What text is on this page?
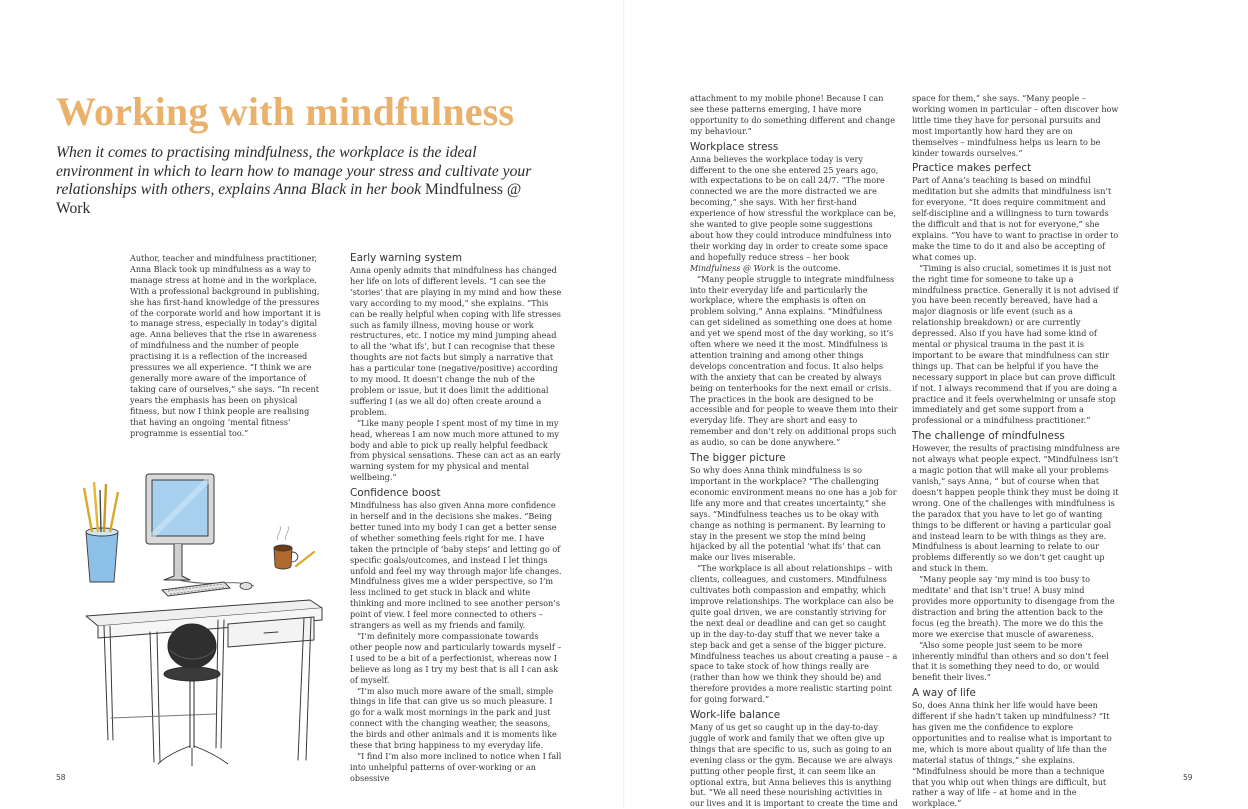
Working with mindfulness

When it comes to practising mindfulness, the workplace is the ideal environment in which to learn how to manage your stress and cultivate your relationships with others, explains Anna Black in her book Mindfulness @ Work

Author, teacher and mindfulness practitioner, Anna Black took up mindfulness as a way to manage stress at home and in the workplace. With a professional background in publishing, she has first-hand knowledge of the pressures of the corporate world and how important it is to manage stress, especially in today’s digital age. Anna believes that the rise in awareness of mindfulness and the number of people practising it is a reflection of the increased pressures we all experience. “I think we are generally more aware of the importance of taking care of ourselves,” she says. “In recent years the emphasis has been on physical fitness, but now I think people are realising that having an ongoing ‘mental fitness’ programme is essential too.”

Early warning system

Anna openly admits that mindfulness has changed her life on lots of different levels. “I can see the ‘stories’ that are playing in my mind and how these vary according to my mood,” she explains. “This can be really helpful when coping with life stresses such as family illness, moving house or work restructures, etc. I notice my mind jumping ahead to all the ‘what ifs’, but I can recognise that these thoughts are not facts but simply a narrative that has a particular tone (negative/positive) according to my mood. It doesn’t change the nub of the problem or issue, but it does limit the additional suffering I (as we all do) often create around a problem.

“Like many people I spent most of my time in my head, whereas I am now much more attuned to my body and able to pick up really helpful feedback from physical sensations. These can act as an early warning system for my physical and mental wellbeing.”

Confidence boost

Mindfulness has also given Anna more confidence in herself and in the decisions she makes. “Being better tuned into my body I can get a better sense of whether something feels right for me. I have taken the principle of ‘baby steps’ and letting go of specific goals/outcomes, and instead I let things unfold and feel my way through major life changes. Mindfulness gives me a wider perspective, so I’m less inclined to get stuck in black and white thinking and more inclined to see another person’s point of view. I feel more connected to others – strangers as well as my friends and family.

“I’m definitely more compassionate towards other people now and particularly towards myself – I used to be a bit of a perfectionist, whereas now I believe as long as I try my best that is all I can ask of myself.

“I’m also much more aware of the small, simple things in life that can give us so much pleasure. I go for a walk most mornings in the park and just connect with the changing weather, the seasons, the birds and other animals and it is moments like these that bring happiness to my everyday life.

“I find I’m also more inclined to notice when I fall into unhelpful patterns of over-working or an obsessive

attachment to my mobile phone! Because I can see these patterns emerging, I have more opportunity to do something different and change my behaviour.”

Workplace stress

Anna believes the workplace today is very different to the one she entered 25 years ago, with expectations to be on call 24/7. “The more connected we are the more distracted we are becoming,” she says. With her first-hand experience of how stressful the workplace can be, she wanted to give people some suggestions about how they could introduce mindfulness into their working day in order to create some space and hopefully reduce stress – her book Mindfulness @ Work is the outcome.

“Many people struggle to integrate mindfulness into their everyday life and particularly the workplace, where the emphasis is often on problem solving,” Anna explains. “Mindfulness can get sidelined as something one does at home and yet we spend most of the day working, so it’s often where we need it the most. Mindfulness is attention training and among other things develops concentration and focus. It also helps with the anxiety that can be created by always being on tenterhooks for the next email or crisis. The practices in the book are designed to be accessible and for people to weave them into their everyday life. They are short and easy to remember and don’t rely on additional props such as audio, so can be done anywhere.”

The bigger picture

So why does Anna think mindfulness is so important in the workplace? “The challenging economic environment means no one has a job for life any more and that creates uncertainty,” she says. “Mindfulness teaches us to be okay with change as nothing is permanent. By learning to stay in the present we stop the mind being hijacked by all the potential ‘what ifs’ that can make our lives miserable.

“The workplace is all about relationships – with clients, colleagues, and customers. Mindfulness cultivates both compassion and empathy, which improve relationships. The workplace can also be quite goal driven, we are constantly striving for the next deal or deadline and can get so caught up in the day-to-day stuff that we never take a step back and get a sense of the bigger picture. Mindfulness teaches us about creating a pause – a space to take stock of how things really are (rather than how we think they should be) and therefore provides a more realistic starting point for going forward.”

Work-life balance

Many of us get so caught up in the day-to-day juggle of work and family that we often give up things that are specific to us, such as going to an evening class or the gym. Because we are always putting other people first, it can seem like an optional extra, but Anna believes this is anything but. “We all need these nourishing activities in our lives and it is important to create the time and

space for them,” she says. “Many people – working women in particular – often discover how little time they have for personal pursuits and most importantly how hard they are on themselves – mindfulness helps us learn to be kinder towards ourselves.”

Practice makes perfect

Part of Anna’s teaching is based on mindful meditation but she admits that mindfulness isn’t for everyone. “It does require commitment and self-discipline and a willingness to turn towards the difficult and that is not for everyone,” she explains. “You have to want to practise in order to make the time to do it and also be accepting of what comes up.

“Timing is also crucial, sometimes it is just not the right time for someone to take up a mindfulness practice. Generally it is not advised if you have been recently bereaved, have had a major diagnosis or life event (such as a relationship breakdown) or are currently depressed. Also if you have had some kind of mental or physical trauma in the past it is important to be aware that mindfulness can stir things up. That can be helpful if you have the necessary support in place but can prove difficult if not. I always recommend that if you are doing a practice and it feels overwhelming or unsafe stop immediately and get some support from a professional or a mindfulness practitioner.”

The challenge of mindfulness

However, the results of practising mindfulness are not always what people expect. “Mindfulness isn’t a magic potion that will make all your problems vanish,” says Anna, “ but of course when that doesn’t happen people think they must be doing it wrong. One of the challenges with mindfulness is the paradox that you have to let go of wanting things to be different or having a particular goal and instead learn to be with things as they are. Mindfulness is about learning to relate to our problems differently so we don’t get caught up and stuck in them.

“Many people say ‘my mind is too busy to meditate’ and that isn’t true! A busy mind provides more opportunity to disengage from the distraction and bring the attention back to the focus (eg the breath). The more we do this the more we exercise that muscle of awareness.

“Also some people just seem to be more inherently mindful than others and so don’t feel that it is something they need to do, or would benefit their lives.”

A way of life

So, does Anna think her life would have been different if she hadn’t taken up mindfulness? “It has given me the confidence to explore opportunities and to realise what is important to me, which is more about quality of life than the material status of things,” she explains. “Mindfulness should be more than a technique that you whip out when things are difficult, but rather a way of life – at home and in the workplace.”

58	59
